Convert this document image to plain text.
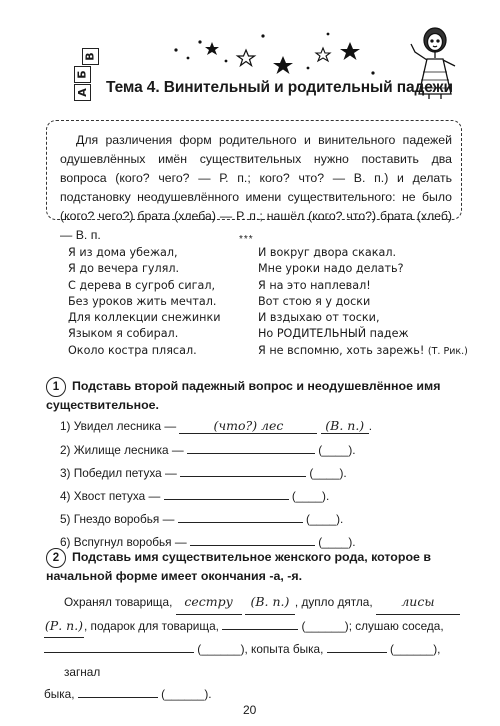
В
Б
А Тема 4. Винительный и родительный падежи
Для различения форм родительного и винительного падежей одушевлённых имён существительных нужно поставить два вопроса (кого? чего? — Р. п.; кого? что? — В. п.) и делать подстановку неодушевлённого имени существительного: не было (кого? чего?) брата (хлеба) — Р. п.; нашёл (кого? что?) брата (хлеб) — В. п.	***
Я из дома убежал,
Я до вечера гулял.
С дерева в сугроб сигал,
Без уроков жить мечтал.
Для коллекции снежинки
Языком я собирал.
Около костра плясал.
И вокруг двора скакал.
Мне уроки надо делать?
Я на это наплевал!
Вот стою я у доски
И вздыхаю от тоски,
Но РОДИТЕЛЬНЫЙ падеж
Я не вспомню, хоть зарежь! (Т. Рик.)
1 Подставь второй падежный вопрос и неодушевлённое имя существительное.
1) Увидел лесника —	(что?) лес	(В. п.) .
2) Жилище лесника —	(____).
3) Победил петуха —	(____).
4) Хвост петуха —	(____).
5) Гнездо воробья —	(____).
6) Вспугнул воробья —	(____).
2 Подставь имя существительное женского рода, которое в начальной форме имеет окончания -а, -я.
Охранял товарища, сестру (В. п.) , дупло дятла, лисы
(Р. п.), подарок для товарища,	(______); слушаю соседа,
(______), копыта быка,	(______), загнал
быка,	(______).
20
